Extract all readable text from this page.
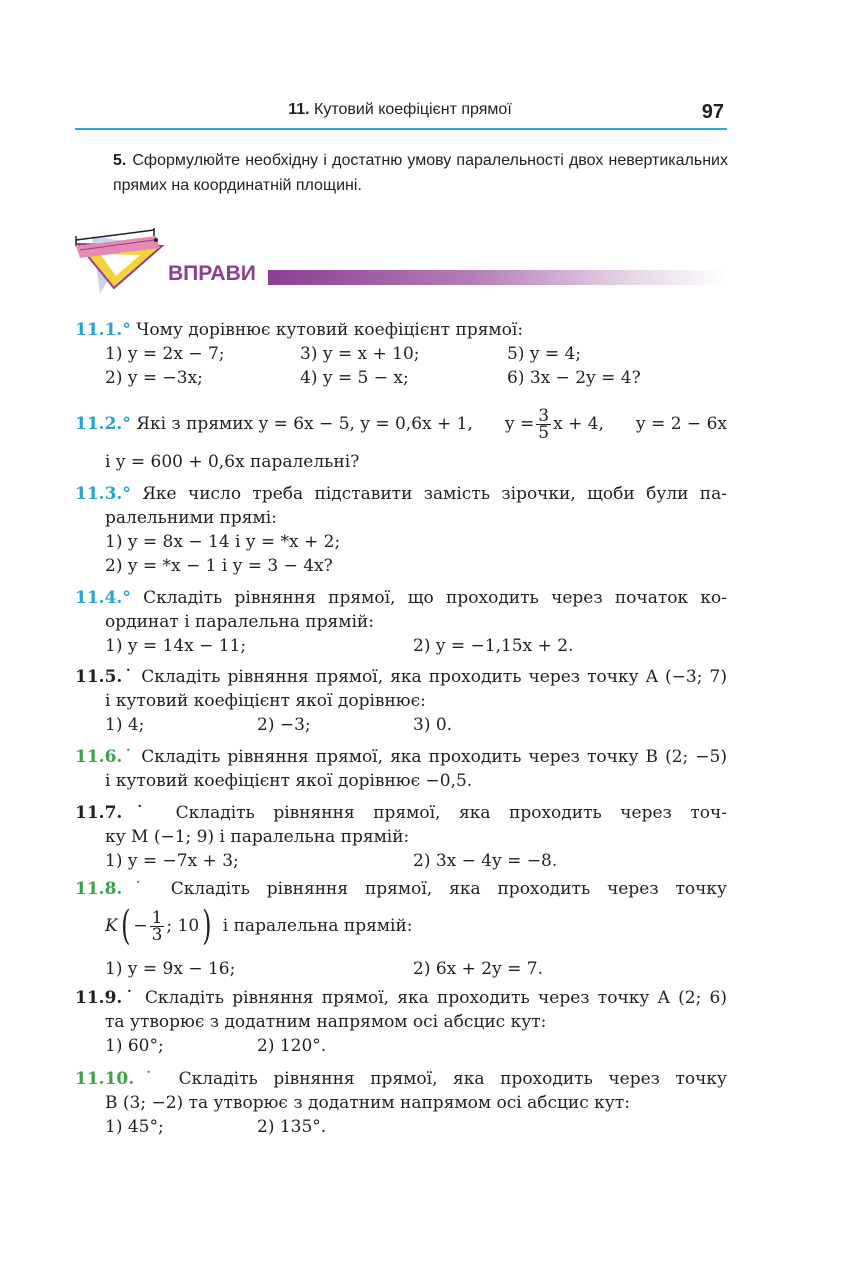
11. Кутовий коефіцієнт прямої	97
5. Сформулюйте необхідну і достатню умову паралельності двох невертикальних прямих на координатній площині.
ВПРАВИ
11.1.° Чому дорівнює кутовий коефіцієнт прямої:
1) y = 2x − 7;	3) y = x + 10;	5) y = 4;
2) y = −3x;	4) y = 5 − x;	6) 3x − 2y = 4?
11.2.° Які з прямих y = 6x − 5, y = 0,6x + 1, $y = \frac{3}{5}$ x + 4, y = 2 − 6x
і y = 600 + 0,6x паралельні?
11.3.° Яке число треба підставити замість зірочки, щоби були па-
ралельними прямі:
1) y = 8x − 14 і y = *x + 2;
2) y = *x − 1 і y = 3 − 4x?
11.4.° Складіть рівняння прямої, що проходить через початок ко-
ординат і паралельна прямій:
1) y = 14x − 11;	2) y = −1,15x + 2.
11.5.˙ Складіть рівняння прямої, яка проходить через точку A (−3; 7)
і кутовий коефіцієнт якої дорівнює:
1) 4;	2) −3;	3) 0.
11.6.˙ Складіть рівняння прямої, яка проходить через точку B (2; −5)
і кутовий коефіцієнт якої дорівнює −0,5.
11.7.˙ Складіть рівняння прямої, яка проходить через точ-
ку M (−1; 9) і паралельна прямій:
1) y = −7x + 3;	2) 3x − 4y = −8.
11.8.˙ Складіть рівняння прямої, яка проходить через точку
K ( − $\frac{1}{3}$ ; 10 ) і паралельна прямій:
1) y = 9x − 16;	2) 6x + 2y = 7.
11.9.˙ Складіть рівняння прямої, яка проходить через точку A (2; 6)
та утворює з додатним напрямом осі абсцис кут:
1) 60°;	2) 120°.
11.10.˙ Складіть рівняння прямої, яка проходить через точку
B (3; −2) та утворює з додатним напрямом осі абсцис кут:
1) 45°;	2) 135°.
